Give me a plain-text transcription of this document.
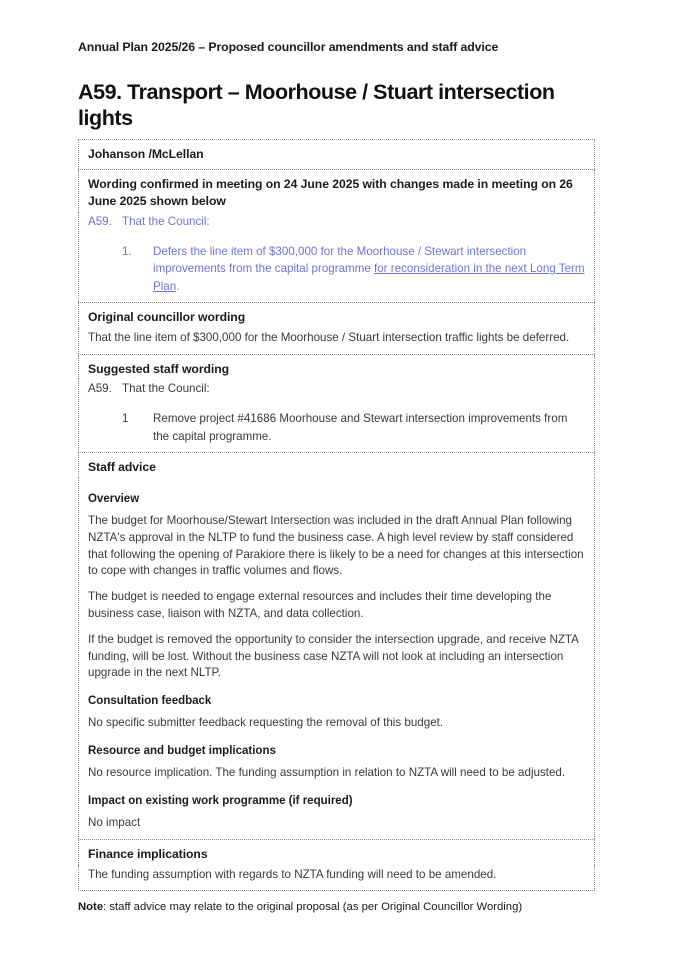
Annual Plan 2025/26 – Proposed councillor amendments and staff advice
A59. Transport – Moorhouse / Stuart intersection lights
Johanson /McLellan
Wording confirmed in meeting on 24 June 2025 with changes made in meeting on 26 June 2025 shown below

A59. That the Council:
1.	Defers the line item of $300,000 for the Moorhouse / Stewart intersection improvements from the capital programme for reconsideration in the next Long Term Plan.

Original councillor wording

That the line item of $300,000 for the Moorhouse / Stuart intersection traffic lights be deferred.

Suggested staff wording

A59. That the Council:
1	Remove project #41686 Moorhouse and Stewart intersection improvements from the capital programme.

Staff advice

Overview

The budget for Moorhouse/Stewart Intersection was included in the draft Annual Plan following NZTA's approval in the NLTP to fund the business case. A high level review by staff considered that following the opening of Parakiore there is likely to be a need for changes at this intersection to cope with changes in traffic volumes and flows.

The budget is needed to engage external resources and includes their time developing the business case, liaison with NZTA, and data collection.

If the budget is removed the opportunity to consider the intersection upgrade, and receive NZTA funding, will be lost. Without the business case NZTA will not look at including an intersection upgrade in the next NLTP.

Consultation feedback

No specific submitter feedback requesting the removal of this budget.

Resource and budget implications

No resource implication. The funding assumption in relation to NZTA will need to be adjusted.

Impact on existing work programme (if required)

No impact

Finance implications

The funding assumption with regards to NZTA funding will need to be amended.

Note: staff advice may relate to the original proposal (as per Original Councillor Wording)
